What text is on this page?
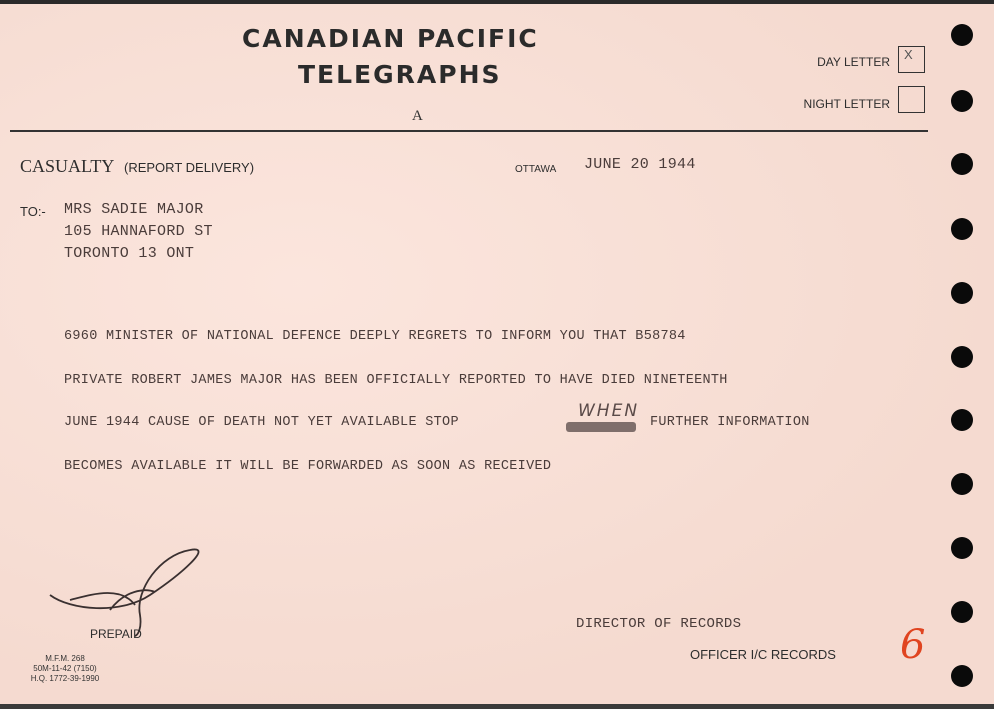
CANADIAN PACIFIC
TELEGRAPHS
A
DAY LETTER X
NIGHT LETTER
CASUALTY (REPORT DELIVERY)	OTTAWA JUNE 20 1944
TO:- MRS SADIE MAJOR
105 HANNAFORD ST
TORONTO 13 ONT
6960 MINISTER OF NATIONAL DEFENCE DEEPLY REGRETS TO INFORM YOU THAT B58784
PRIVATE ROBERT JAMES MAJOR HAS BEEN OFFICIALLY REPORTED TO HAVE DIED NINETEENTH
JUNE 1944 CAUSE OF DEATH NOT YET AVAILABLE STOP
WHEN
FURTHER INFORMATION
BECOMES AVAILABLE IT WILL BE FORWARDED AS SOON AS RECEIVED
PREPAID
M.F.M. 268
50M-11-42 (7150)
H.Q. 1772-39-1990
DIRECTOR OF RECORDS
OFFICER I/C RECORDS 6
